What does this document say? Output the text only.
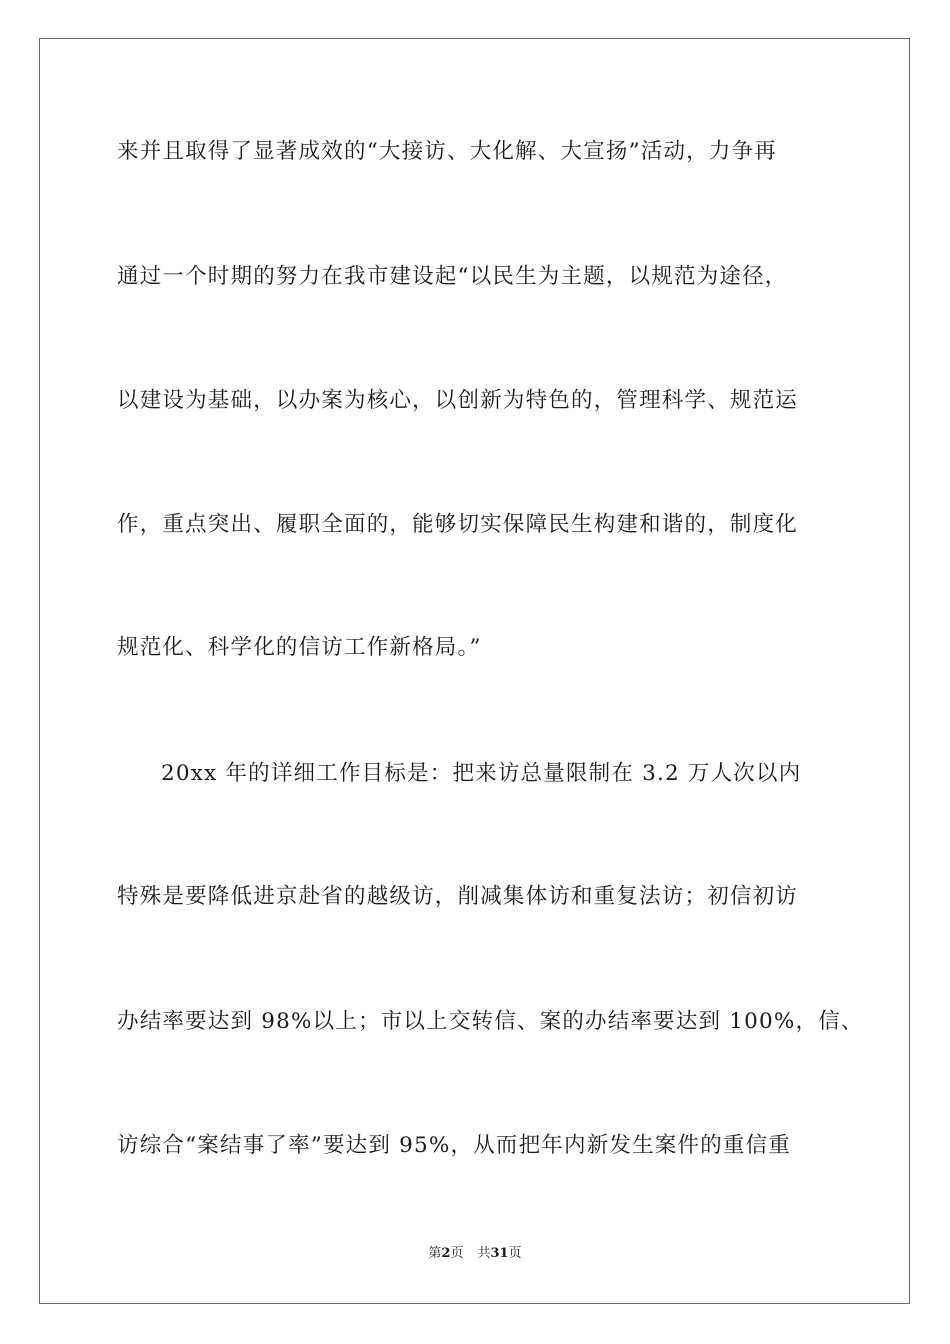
来并且取得了显著成效的“大接访、大化解、大宣扬”活动，力争再
通过一个时期的努力在我市建设起“以民生为主题，以规范为途径，
以建设为基础，以办案为核心，以创新为特色的，管理科学、规范运
作，重点突出、履职全面的，能够切实保障民生构建和谐的，制度化
规范化、科学化的信访工作新格局。”
20xx 年的详细工作目标是：把来访总量限制在 3.2 万人次以内
特殊是要降低进京赴省的越级访，削减集体访和重复法访；初信初访
办结率要达到 98%以上；市以上交转信、案的办结率要达到 100%，信、
访综合“案结事了率”要达到 95%，从而把年内新发生案件的重信重
第2页 共31页
